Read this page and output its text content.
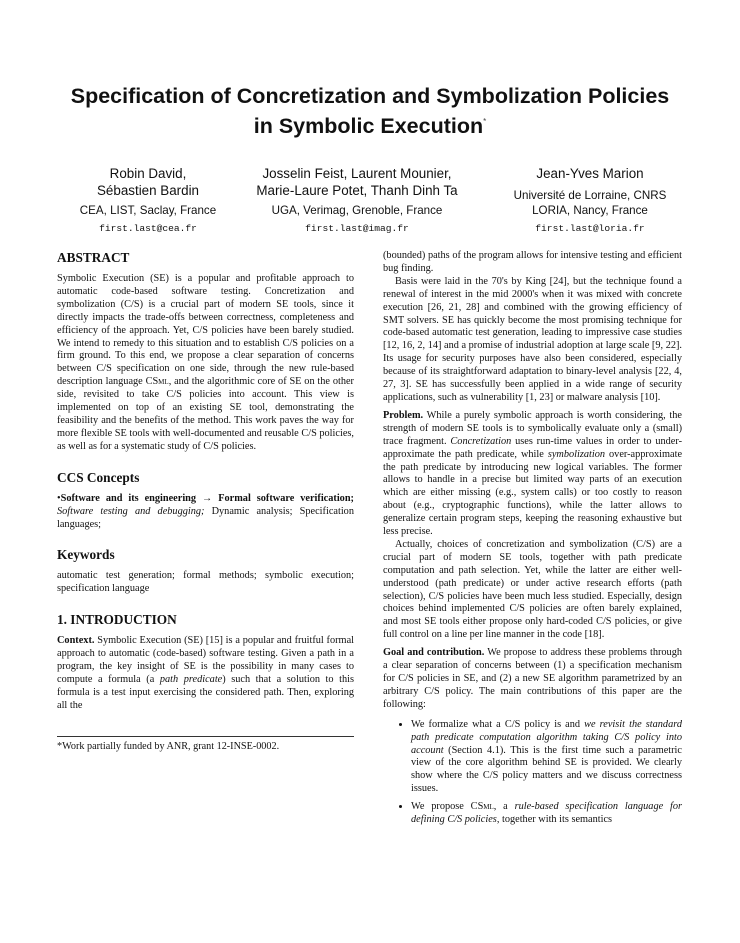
Specification of Concretization and Symbolization Policies
in Symbolic Execution*
Robin David,
Sébastien Bardin
CEA, LIST, Saclay, France
first.last@cea.fr
Josselin Feist, Laurent Mounier,
Marie-Laure Potet, Thanh Dinh Ta
UGA, Verimag, Grenoble, France
first.last@imag.fr
Jean-Yves Marion
Université de Lorraine, CNRS
LORIA, Nancy, France
first.last@loria.fr
ABSTRACT

Symbolic Execution (SE) is a popular and profitable approach to automatic code-based software testing. Concretization and symbolization (C/S) is a crucial part of modern SE tools, since it directly impacts the trade-offs between correctness, completeness and efficiency of the approach. Yet, C/S policies have been barely studied. We intend to remedy to this situation and to establish C/S policies on a firm ground. To this end, we propose a clear separation of concerns between C/S specification on one side, through the new rule-based description language CSml, and the algorithmic core of SE on the other side, revisited to take C/S policies into account. This view is implemented on top of an existing SE tool, demonstrating the feasibility and the benefits of the method. This work paves the way for more flexible SE tools with well-documented and reusable C/S policies, as well as for a systematic study of C/S policies.

CCS Concepts

•Software and its engineering → Formal software verification; Software testing and debugging; Dynamic analysis; Specification languages;

Keywords

automatic test generation; formal methods; symbolic execution; specification language

1. INTRODUCTION

Context. Symbolic Execution (SE) [15] is a popular and fruitful formal approach to automatic (code-based) software testing. Given a path in a program, the key insight of SE is the possibility in many cases to compute a formula (a path predicate) such that a solution to this formula is a test input exercising the considered path. Then, exploring all the

*Work partially funded by ANR, grant 12-INSE-0002.

(bounded) paths of the program allows for intensive testing and efficient bug finding.

Basis were laid in the 70's by King [24], but the technique found a renewal of interest in the mid 2000's when it was mixed with concrete execution [26, 21, 28] and combined with the growing efficiency of SMT solvers. SE has quickly become the most promising technique for code-based automatic test generation, leading to impressive case studies [12, 16, 2, 14] and a promise of industrial adoption at large scale [9, 22]. Its usage for security purposes have also been considered, especially because of its straightforward adaptation to binary-level analysis [22, 4, 27, 3]. SE has successfully been applied in a wide range of security applications, such as vulnerability [1, 23] or malware analysis [10].

Problem. While a purely symbolic approach is worth considering, the strength of modern SE tools is to symbolically evaluate only a (small) trace fragment. Concretization uses run-time values in order to under-approximate the path predicate, while symbolization over-approximate the path predicate by introducing new logical variables. The former allows to handle in a precise but limited way parts of an execution which are either missing (e.g., system calls) or too costly to reason about (e.g., cryptographic functions), while the latter allows to generalize certain program steps, keeping the reasoning exhaustive but less precise.

Actually, choices of concretization and symbolization (C/S) are a crucial part of modern SE tools, together with path predicate computation and path selection. Yet, while the latter are either well-understood (path predicate) or under active research efforts (path selection), C/S policies have been much less studied. Especially, design choices behind implemented C/S policies are often barely explained, and most SE tools either propose only hard-coded C/S policies, or give full control on a line per line manner in the code [18].

Goal and contribution. We propose to address these problems through a clear separation of concerns between (1) a specification mechanism for C/S policies in SE, and (2) a new SE algorithm parametrized by an arbitrary C/S policy. The main contributions of this paper are the following:

• We formalize what a C/S policy is and we revisit the standard path predicate computation algorithm taking C/S policy into account (Section 4.1). This is the first time such a parametric view of the core algorithm behind SE is provided. We clearly show where the C/S policy matters and we discuss correctness issues.
• We propose CSml, a rule-based specification language for defining C/S policies, together with its semantics
